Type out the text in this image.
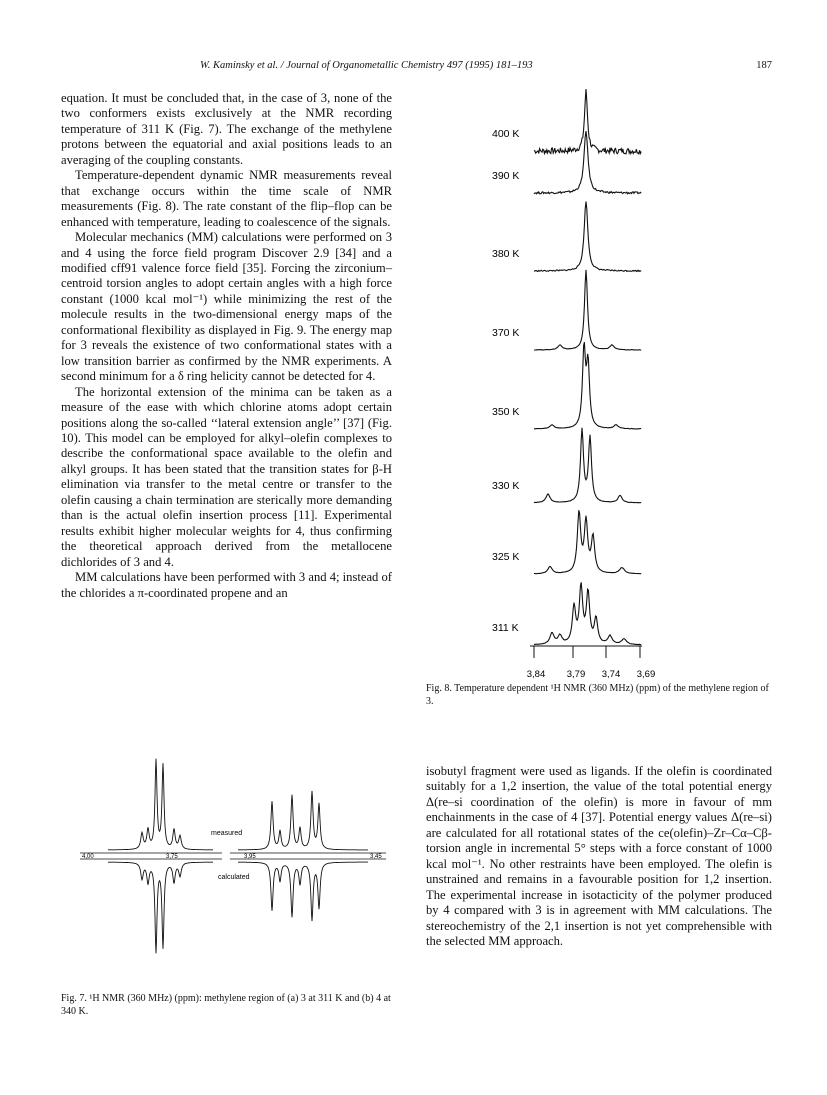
W. Kaminsky et al. / Journal of Organometallic Chemistry 497 (1995) 181–193	187

equation. It must be concluded that, in the case of 3, none of the two conformers exists exclusively at the NMR recording temperature of 311 K (Fig. 7). The exchange of the methylene protons between the equatorial and axial positions leads to an averaging of the coupling constants.

Temperature-dependent dynamic NMR measurements reveal that exchange occurs within the time scale of NMR measurements (Fig. 8). The rate constant of the flip–flop can be enhanced with temperature, leading to coalescence of the signals.

Molecular mechanics (MM) calculations were performed on 3 and 4 using the force field program Discover 2.9 [34] and a modified cff91 valence force field [35]. Forcing the zirconium–centroid torsion angles to adopt certain angles with a high force constant (1000 kcal mol⁻¹) while minimizing the rest of the molecule results in the two-dimensional energy maps of the conformational flexibility as displayed in Fig. 9. The energy map for 3 reveals the existence of two conformational states with a low transition barrier as confirmed by the NMR experiments. A second minimum for a δ ring helicity cannot be detected for 4.

The horizontal extension of the minima can be taken as a measure of the ease with which chlorine atoms adopt certain positions along the so-called ‘‘lateral extension angle’’ [37] (Fig. 10). This model can be employed for alkyl–olefin complexes to describe the conformational space available to the olefin and alkyl groups. It has been stated that the transition states for β-H elimination via transfer to the metal centre or transfer to the olefin causing a chain termination are sterically more demanding than is the actual olefin insertion process [11]. Experimental results exhibit higher molecular weights for 4, thus confirming the theoretical approach derived from the metallocene dichlorides of 3 and 4.

MM calculations have been performed with 3 and 4; instead of the chlorides a π-coordinated propene and an

400 K
390 K
380 K
370 K
350 K
330 K
325 K
311 K
3,84 3,79 3,74 3,69
Fig. 8. Temperature dependent ¹H NMR (360 MHz) (ppm) of the methylene region of 3.
4,00	3,75	3,95	3,45
measured
calculated
Fig. 7. ¹H NMR (360 MHz) (ppm): methylene region of (a) 3 at 311 K and (b) 4 at 340 K.

isobutyl fragment were used as ligands. If the olefin is coordinated suitably for a 1,2 insertion, the value of the total potential energy Δ(re–si coordination of the olefin) is more in favour of mm enchainments in the case of 4 [37]. Potential energy values Δ(re–si) are calculated for all rotational states of the ce(olefin)–Zr–Cα–Cβ-torsion angle in incremental 5° steps with a force constant of 1000 kcal mol⁻¹. No other restraints have been employed. The olefin is unstrained and remains in a favourable position for 1,2 insertion. The experimental increase in isotacticity of the polymer produced by 4 compared with 3 is in agreement with MM calculations. The stereochemistry of the 2,1 insertion is not yet comprehensible with the selected MM approach.
